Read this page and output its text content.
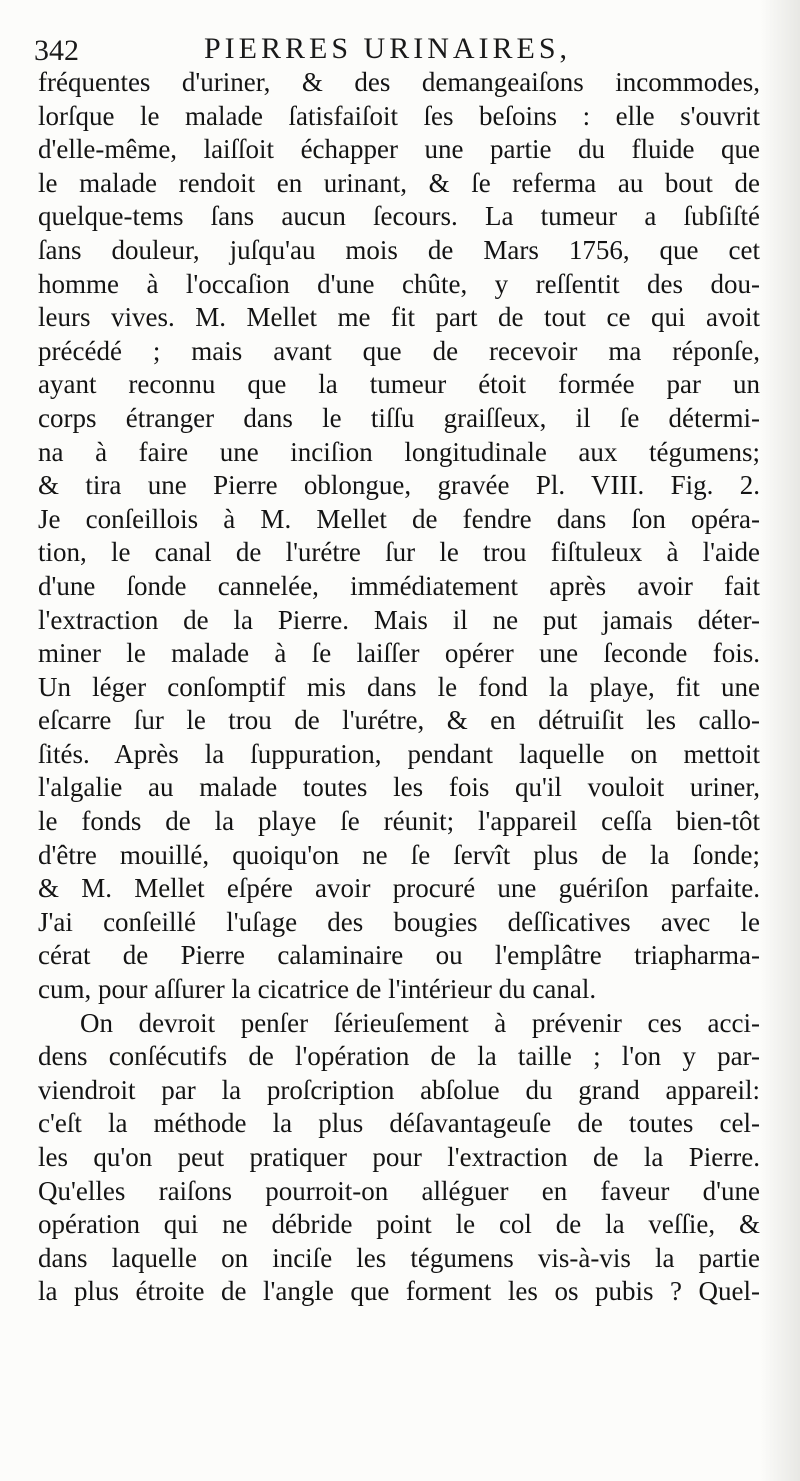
342	PIERRES URINAIRES,
fréquentes d'uriner, & des demangeaiſons incommodes,
lorſque le malade ſatisfaiſoit ſes beſoins : elle s'ouvrit
d'elle-même, laiſſoit échapper une partie du fluide que
le malade rendoit en urinant, & ſe referma au bout de
quelque-tems ſans aucun ſecours. La tumeur a ſubſiſté
ſans douleur, juſqu'au mois de Mars 1756, que cet
homme à l'occaſion d'une chûte, y reſſentit des dou-
leurs vives. M. Mellet me fit part de tout ce qui avoit
précédé ; mais avant que de recevoir ma réponſe,
ayant reconnu que la tumeur étoit formée par un
corps étranger dans le tiſſu graiſſeux, il ſe détermi-
na à faire une inciſion longitudinale aux tégumens;
& tira une Pierre oblongue, gravée Pl. VIII. Fig. 2.
Je conſeillois à M. Mellet de fendre dans ſon opéra-
tion, le canal de l'urétre ſur le trou fiſtuleux à l'aide
d'une ſonde cannelée, immédiatement après avoir fait
l'extraction de la Pierre. Mais il ne put jamais déter-
miner le malade à ſe laiſſer opérer une ſeconde fois.
Un léger conſomptif mis dans le fond la playe, fit une
eſcarre ſur le trou de l'urétre, & en détruiſit les callo-
ſités. Après la ſuppuration, pendant laquelle on mettoit
l'algalie au malade toutes les fois qu'il vouloit uriner,
le fonds de la playe ſe réunit; l'appareil ceſſa bien-tôt
d'être mouillé, quoiqu'on ne ſe ſervît plus de la ſonde;
& M. Mellet eſpére avoir procuré une guériſon parfaite.
J'ai conſeillé l'uſage des bougies deſſicatives avec le
cérat de Pierre calaminaire ou l'emplâtre triapharma-
cum, pour aſſurer la cicatrice de l'intérieur du canal.
On devroit penſer ſérieuſement à prévenir ces acci-
dens conſécutifs de l'opération de la taille ; l'on y par-
viendroit par la proſcription abſolue du grand appareil:
c'eſt la méthode la plus déſavantageuſe de toutes cel-
les qu'on peut pratiquer pour l'extraction de la Pierre.
Qu'elles raiſons pourroit-on alléguer en faveur d'une
opération qui ne débride point le col de la veſſie, &
dans laquelle on inciſe les tégumens vis-à-vis la partie
la plus étroite de l'angle que forment les os pubis ? Quel-
